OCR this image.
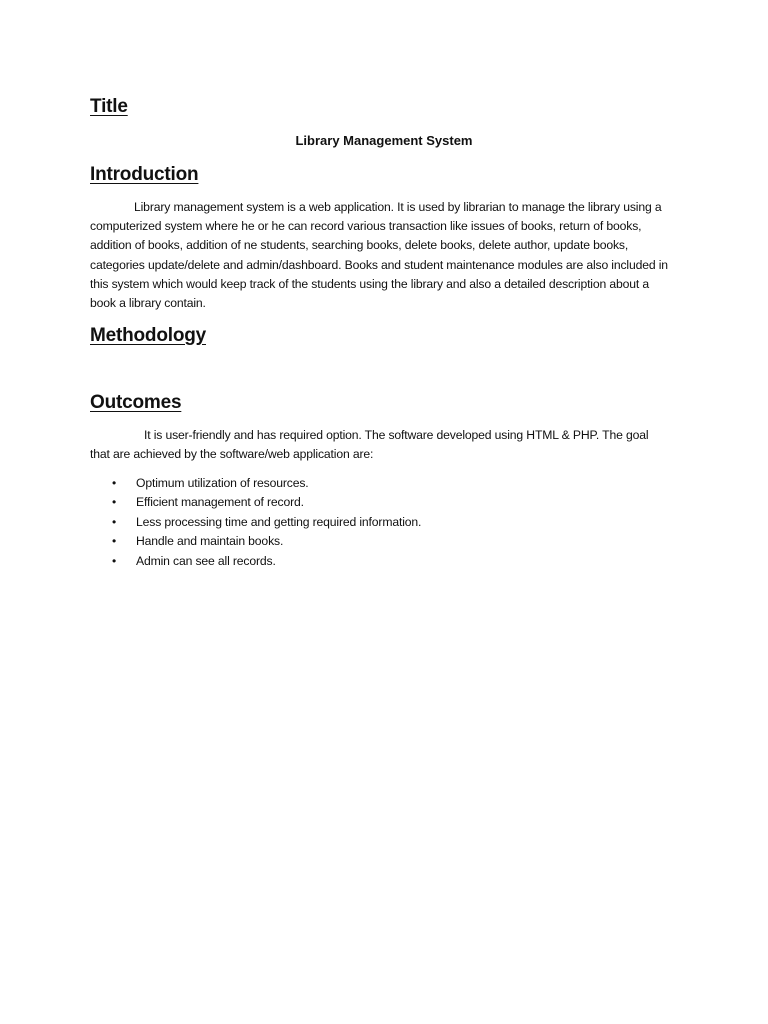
Title

Library Management System

Introduction

Library management system is a web application. It is used by librarian to manage the library using a computerized system where he or he can record various transaction like issues of books, return of books, addition of books, addition of ne students, searching books, delete books, delete author, update books, categories update/delete and admin/dashboard. Books and student maintenance modules are also included in this system which would keep track of the students using the library and also a detailed description about a book a library contain.

Methodology
Outcomes

It is user-friendly and has required option. The software developed using HTML & PHP. The goal that are achieved by the software/web application are:

• Optimum utilization of resources.
• Efficient management of record.
• Less processing time and getting required information.
• Handle and maintain books.
• Admin can see all records.
